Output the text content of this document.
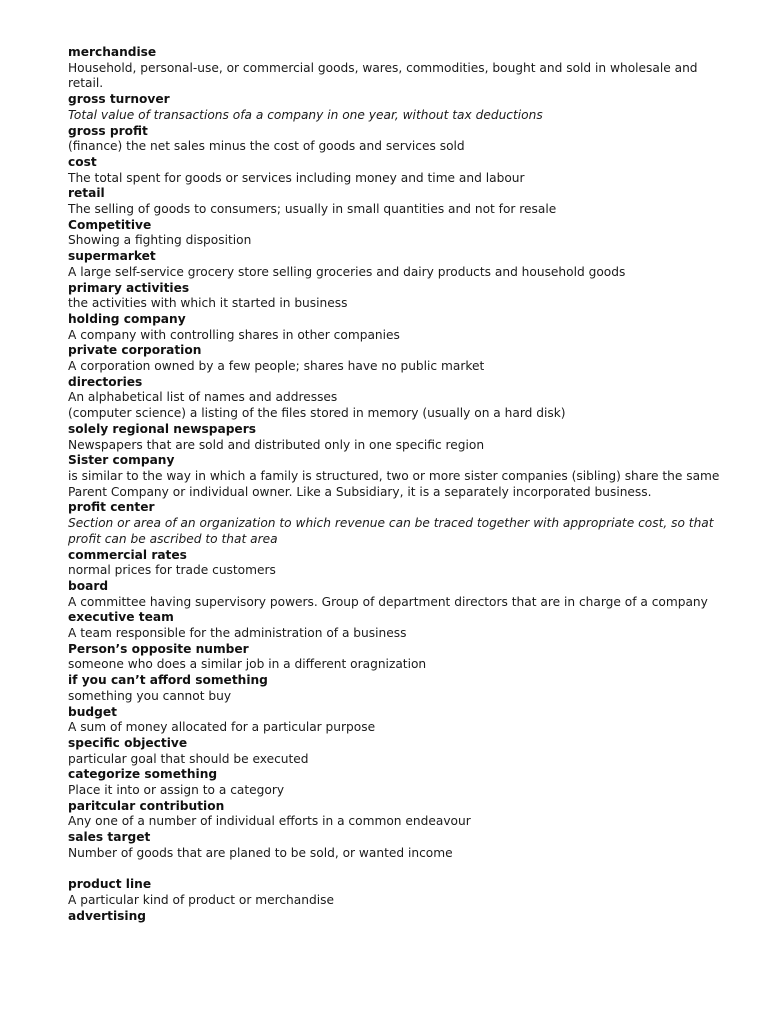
merchandise
Household, personal-use, or commercial goods, wares, commodities, bought and sold in wholesale and retail.
gross turnover
Total value of transactions ofa a company in one year, without tax deductions
gross profit
(finance) the net sales minus the cost of goods and services sold
cost
The total spent for goods or services including money and time and labour
retail
The selling of goods to consumers; usually in small quantities and not for resale
Competitive
Showing a fighting disposition
supermarket
A large self-service grocery store selling groceries and dairy products and household goods
primary activities
the activities with which it started in business
holding company
A company with controlling shares in other companies
private corporation
A corporation owned by a few people; shares have no public market
directories
An alphabetical list of names and addresses
(computer science) a listing of the files stored in memory (usually on a hard disk)
solely regional newspapers
Newspapers that are sold and distributed only in one specific region
Sister company
is similar to the way in which a family is structured, two or more sister companies (sibling) share the same Parent Company or individual owner. Like a Subsidiary, it is a separately incorporated business.
profit center
Section or area of an organization to which revenue can be traced together with appropriate cost, so that profit can be ascribed to that area
commercial rates
normal prices for trade customers
board
A committee having supervisory powers. Group of department directors that are in charge of a company
executive team
A team responsible for the administration of a business
Person’s opposite number
someone who does a similar job in a different oragnization
if you can’t afford something
something you cannot buy
budget
A sum of money allocated for a particular purpose
specific objective
particular goal that should be executed
categorize something
Place it into or assign to a category
paritcular contribution
Any one of a number of individual efforts in a common endeavour
sales target
Number of goods that are planed to be sold, or wanted income
product line
A particular kind of product or merchandise
advertising
